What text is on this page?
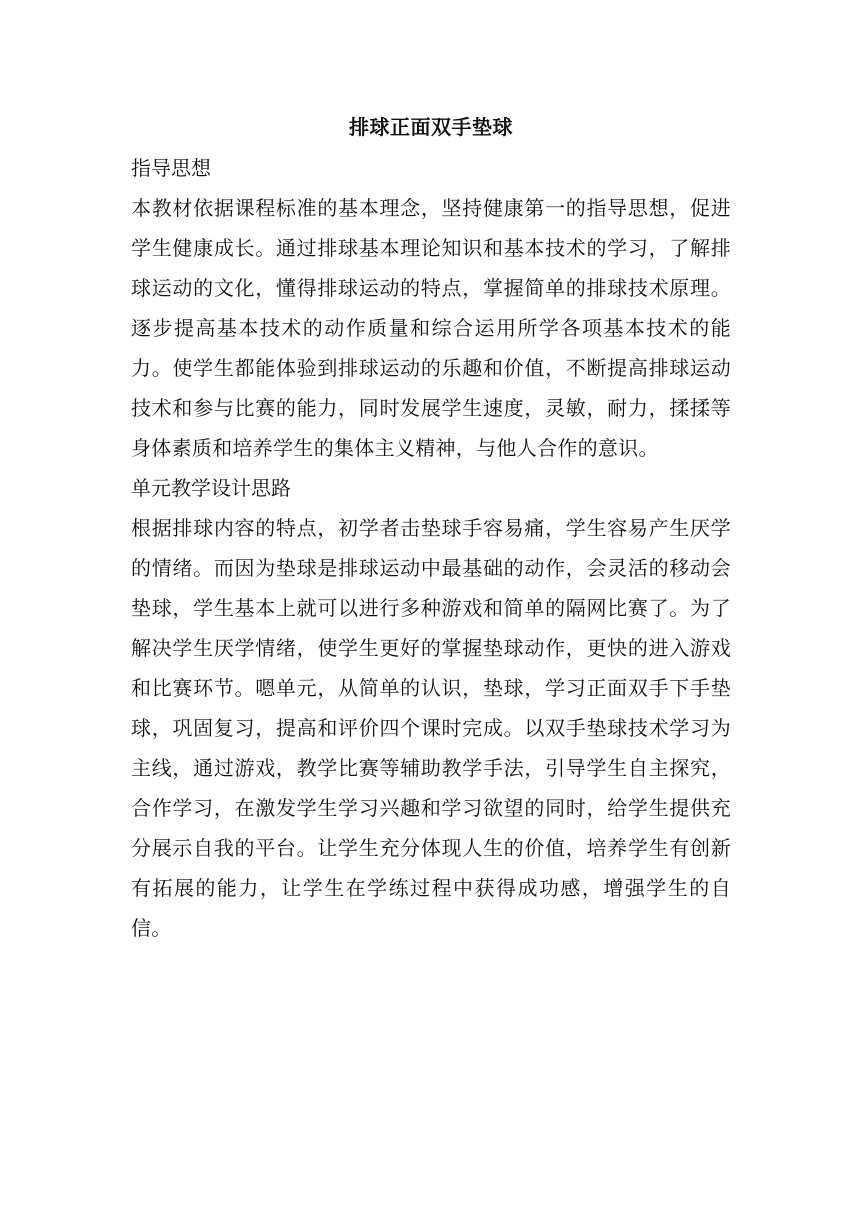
排球正面双手垫球
指导思想

本教材依据课程标准的基本理念，坚持健康第一的指导思想，促进学生健康成长。通过排球基本理论知识和基本技术的学习，了解排球运动的文化，懂得排球运动的特点，掌握简单的排球技术原理。逐步提高基本技术的动作质量和综合运用所学各项基本技术的能力。使学生都能体验到排球运动的乐趣和价值，不断提高排球运动技术和参与比赛的能力，同时发展学生速度，灵敏，耐力，揉揉等身体素质和培养学生的集体主义精神，与他人合作的意识。

单元教学设计思路

根据排球内容的特点，初学者击垫球手容易痛，学生容易产生厌学的情绪。而因为垫球是排球运动中最基础的动作，会灵活的移动会垫球，学生基本上就可以进行多种游戏和简单的隔网比赛了。为了解决学生厌学情绪，使学生更好的掌握垫球动作，更快的进入游戏和比赛环节。嗯单元，从简单的认识，垫球，学习正面双手下手垫球，巩固复习，提高和评价四个课时完成。以双手垫球技术学习为主线，通过游戏，教学比赛等辅助教学手法，引导学生自主探究，合作学习，在激发学生学习兴趣和学习欲望的同时，给学生提供充分展示自我的平台。让学生充分体现人生的价值，培养学生有创新有拓展的能力，让学生在学练过程中获得成功感，增强学生的自信。
